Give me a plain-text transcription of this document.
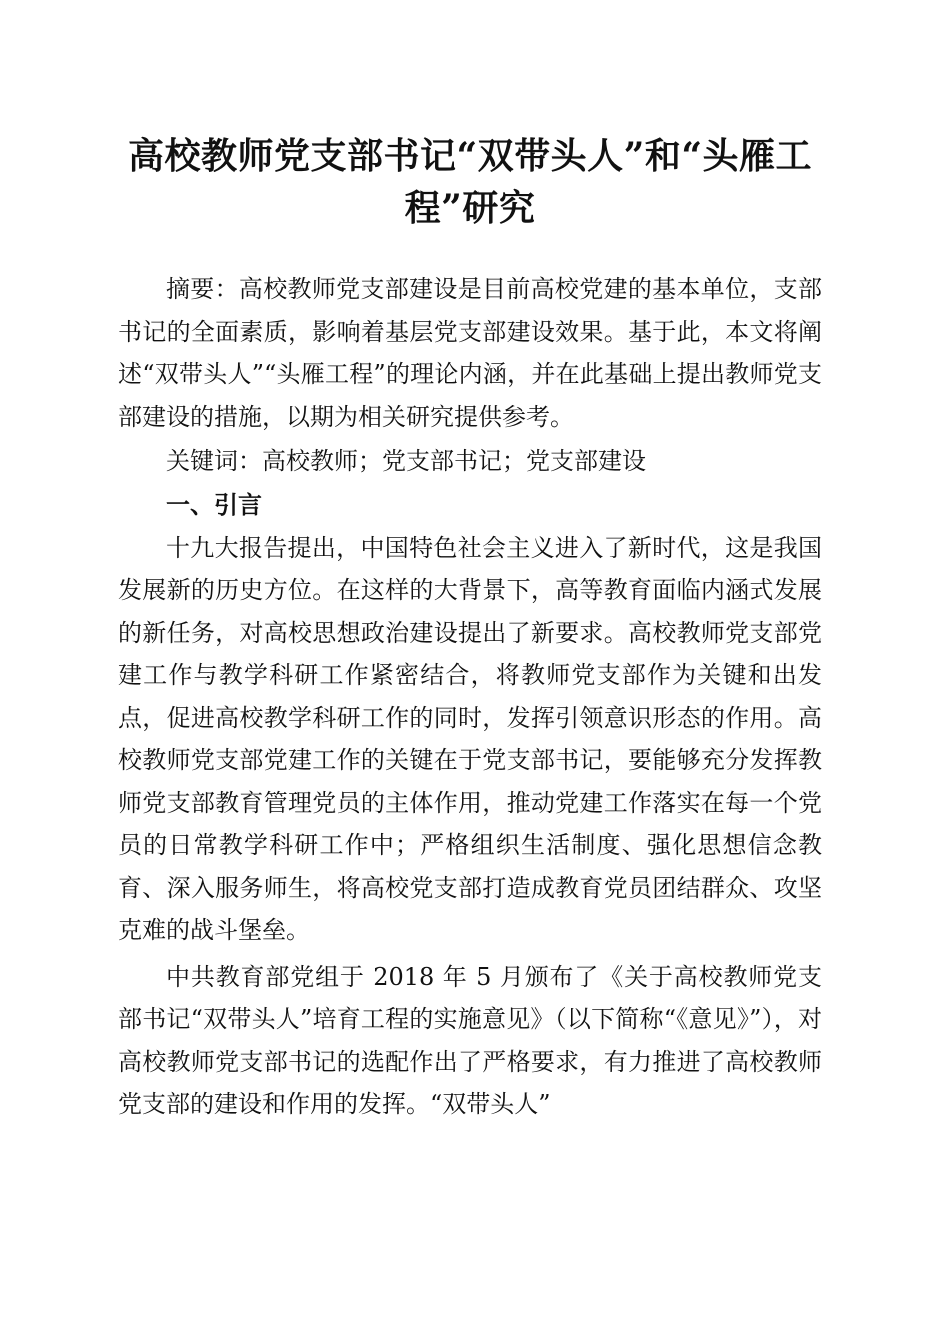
高校教师党支部书记“双带头人”和“头雁工
程”研究

摘要：高校教师党支部建设是目前高校党建的基本单位，支部书记的全面素质，影响着基层党支部建设效果。基于此，本文将阐述“双带头人”“头雁工程”的理论内涵，并在此基础上提出教师党支部建设的措施，以期为相关研究提供参考。

关键词：高校教师；党支部书记；党支部建设

一、引言

十九大报告提出，中国特色社会主义进入了新时代，这是我国发展新的历史方位。在这样的大背景下，高等教育面临内涵式发展的新任务，对高校思想政治建设提出了新要求。高校教师党支部党建工作与教学科研工作紧密结合，将教师党支部作为关键和出发点，促进高校教学科研工作的同时，发挥引领意识形态的作用。高校教师党支部党建工作的关键在于党支部书记，要能够充分发挥教师党支部教育管理党员的主体作用，推动党建工作落实在每一个党员的日常教学科研工作中；严格组织生活制度、强化思想信念教育、深入服务师生，将高校党支部打造成教育党员团结群众、攻坚克难的战斗堡垒。

中共教育部党组于 2018 年 5 月颁布了《关于高校教师党支部书记“双带头人”培育工程的实施意见》（以下简称“《意见》”），对高校教师党支部书记的选配作出了严格要求，有力推进了高校教师党支部的建设和作用的发挥。“双带头人”
